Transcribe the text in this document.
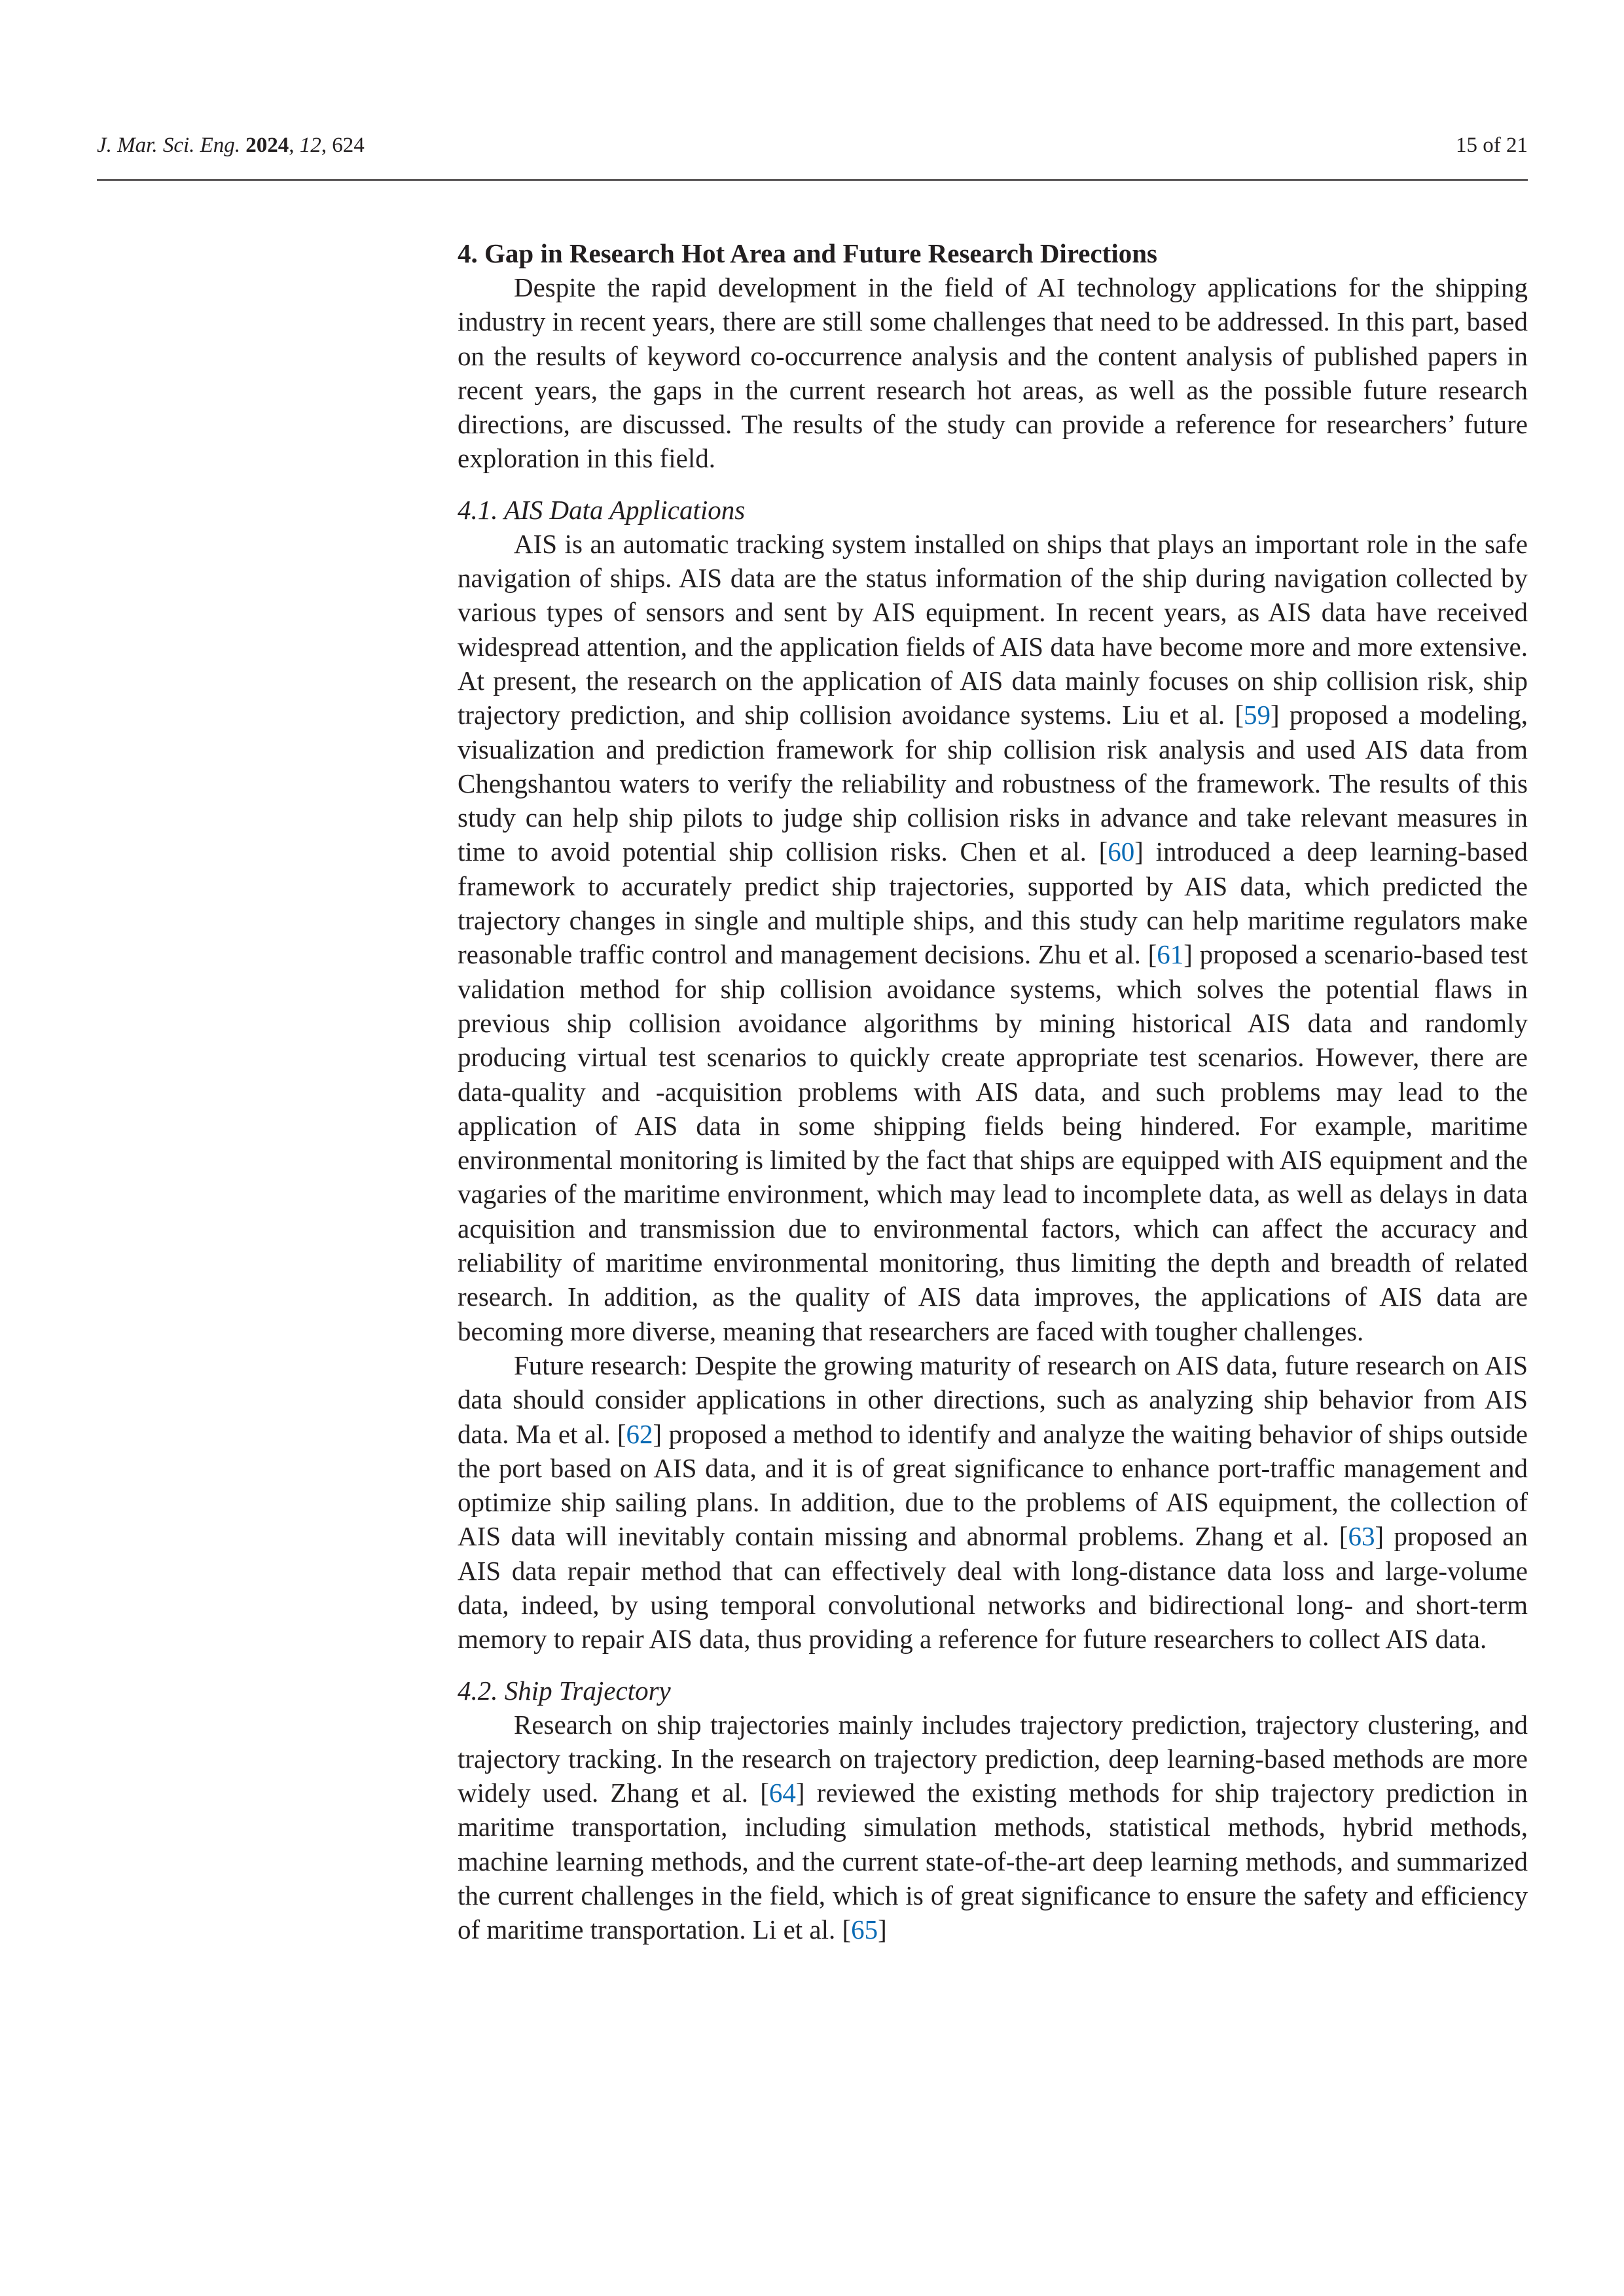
J. Mar. Sci. Eng. 2024, 12, 624	15 of 21
4. Gap in Research Hot Area and Future Research Directions

Despite the rapid development in the field of AI technology applications for the shipping industry in recent years, there are still some challenges that need to be addressed. In this part, based on the results of keyword co-occurrence analysis and the content analysis of published papers in recent years, the gaps in the current research hot areas, as well as the possible future research directions, are discussed. The results of the study can provide a reference for researchers’ future exploration in this field.

4.1. AIS Data Applications

AIS is an automatic tracking system installed on ships that plays an important role in the safe navigation of ships. AIS data are the status information of the ship during navigation collected by various types of sensors and sent by AIS equipment. In recent years, as AIS data have received widespread attention, and the application fields of AIS data have become more and more extensive. At present, the research on the application of AIS data mainly focuses on ship collision risk, ship trajectory prediction, and ship collision avoidance systems. Liu et al. [59] proposed a modeling, visualization and prediction framework for ship collision risk analysis and used AIS data from Chengshantou waters to verify the reliability and robustness of the framework. The results of this study can help ship pilots to judge ship collision risks in advance and take relevant measures in time to avoid potential ship collision risks. Chen et al. [60] introduced a deep learning-based framework to accurately predict ship trajectories, supported by AIS data, which predicted the trajectory changes in single and multiple ships, and this study can help maritime regulators make reasonable traffic control and management decisions. Zhu et al. [61] proposed a scenario-based test validation method for ship collision avoidance systems, which solves the potential flaws in previous ship collision avoidance algorithms by mining historical AIS data and randomly producing virtual test scenarios to quickly create appropriate test scenarios. However, there are data-quality and -acquisition problems with AIS data, and such problems may lead to the application of AIS data in some shipping fields being hindered. For example, maritime environmental monitoring is limited by the fact that ships are equipped with AIS equipment and the vagaries of the maritime environment, which may lead to incomplete data, as well as delays in data acquisition and transmission due to environmental factors, which can affect the accuracy and reliability of maritime environmental monitoring, thus limiting the depth and breadth of related research. In addition, as the quality of AIS data improves, the applications of AIS data are becoming more diverse, meaning that researchers are faced with tougher challenges.

Future research: Despite the growing maturity of research on AIS data, future research on AIS data should consider applications in other directions, such as analyzing ship behavior from AIS data. Ma et al. [62] proposed a method to identify and analyze the waiting behavior of ships outside the port based on AIS data, and it is of great significance to enhance port-traffic management and optimize ship sailing plans. In addition, due to the problems of AIS equipment, the collection of AIS data will inevitably contain missing and abnormal problems. Zhang et al. [63] proposed an AIS data repair method that can effectively deal with long-distance data loss and large-volume data, indeed, by using temporal convolutional networks and bidirectional long- and short-term memory to repair AIS data, thus providing a reference for future researchers to collect AIS data.

4.2. Ship Trajectory

Research on ship trajectories mainly includes trajectory prediction, trajectory clustering, and trajectory tracking. In the research on trajectory prediction, deep learning-based methods are more widely used. Zhang et al. [64] reviewed the existing methods for ship trajectory prediction in maritime transportation, including simulation methods, statistical methods, hybrid methods, machine learning methods, and the current state-of-the-art deep learning methods, and summarized the current challenges in the field, which is of great significance to ensure the safety and efficiency of maritime transportation. Li et al. [65]
